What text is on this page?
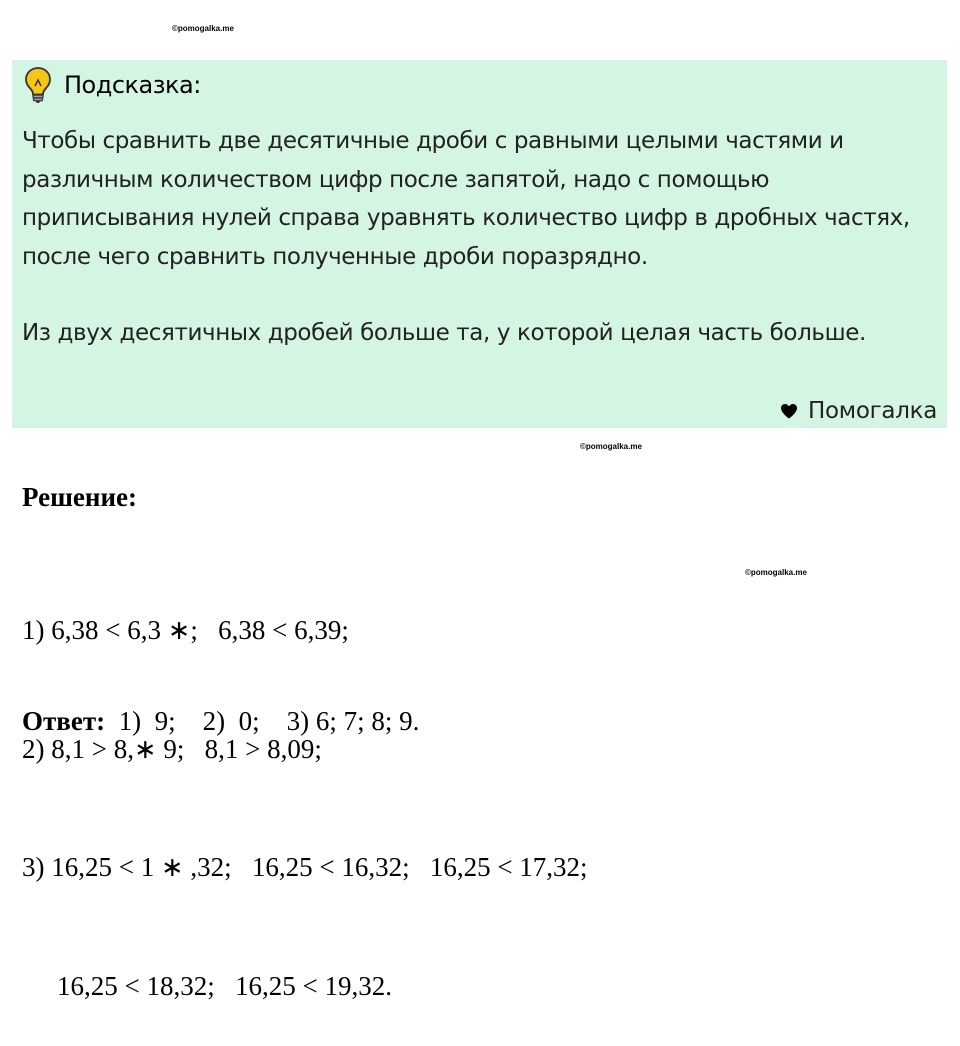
©pomogalka.me
Подсказка:

Чтобы сравнить две десятичные дроби с равными целыми частями и различным количеством цифр после запятой, надо с помощью приписывания нулей справа уравнять количество цифр в дробных частях, после чего сравнить полученные дроби поразрядно.

Из двух десятичных дробей больше та, у которой целая часть больше.

Помогалка
©pomogalka.me
Решение:
©pomogalka.me

1) 6,38 < 6,3 ∗;   6,38 < 6,39;

2) 8,1 > 8,∗ 9;   8,1 > 8,09;

3) 16,25 < 1 ∗ ,32;   16,25 < 16,32;   16,25 < 17,32;

16,25 < 18,32;   16,25 < 19,32.

Ответ:  1)  9;    2)  0;    3) 6; 7; 8; 9.
